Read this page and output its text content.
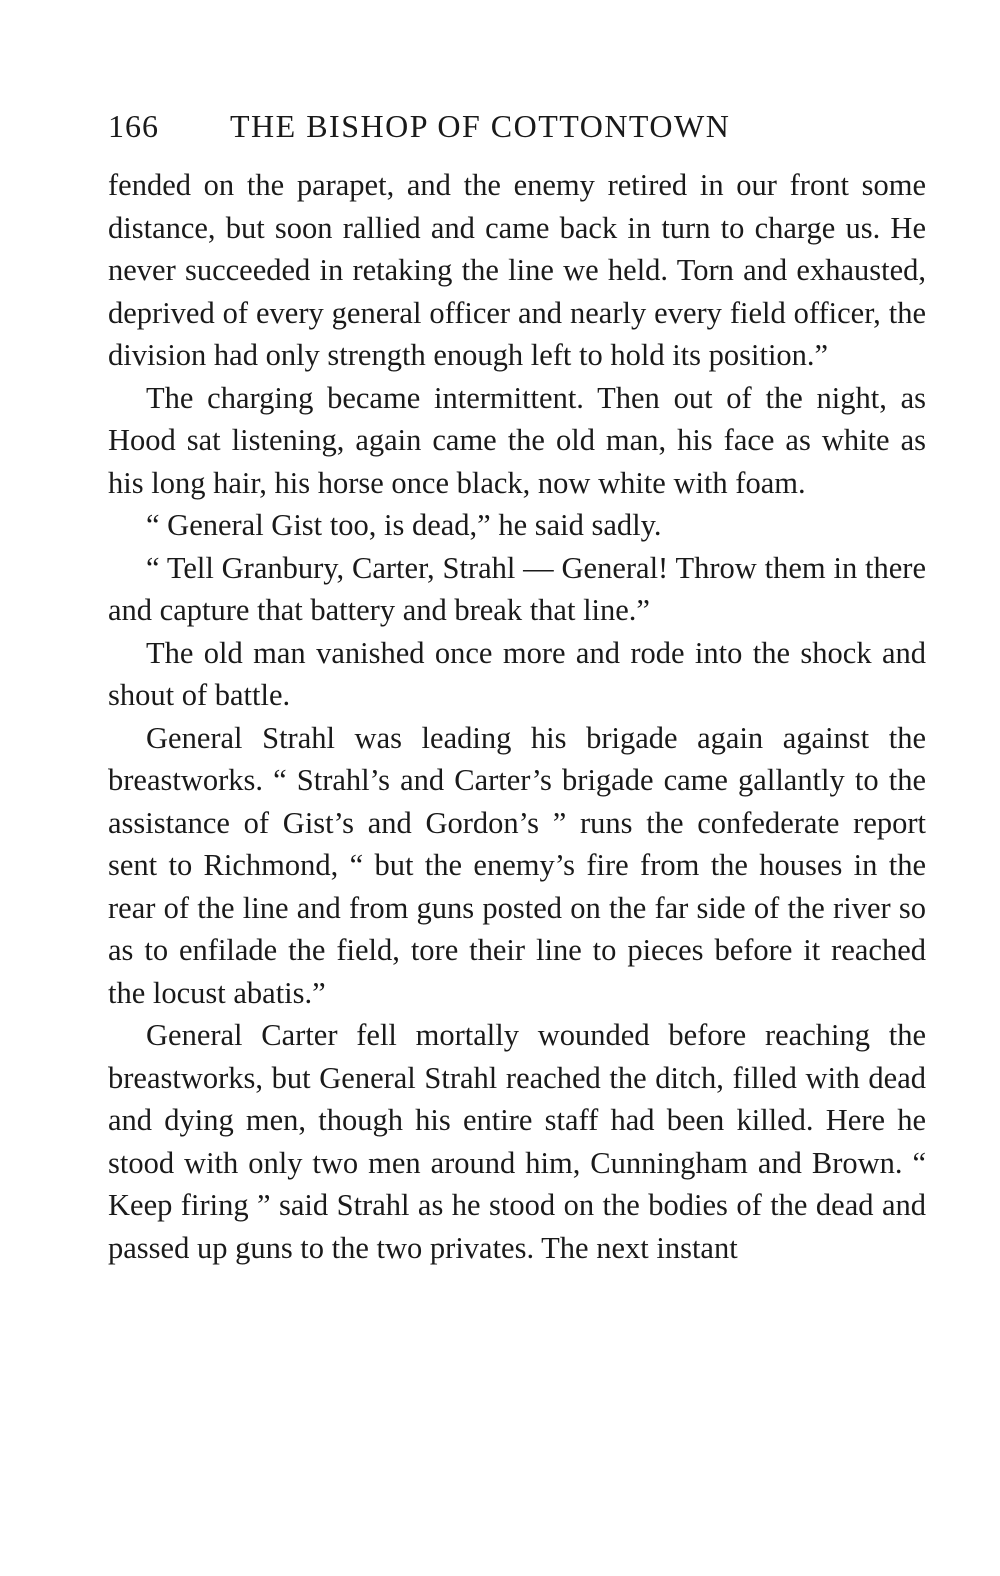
166	THE BISHOP OF COTTONTOWN

fended on the parapet, and the enemy retired in our front some distance, but soon rallied and came back in turn to charge us. He never succeeded in retaking the line we held. Torn and exhausted, deprived of every general officer and nearly every field officer, the division had only strength enough left to hold its position.”

The charging became intermittent. Then out of the night, as Hood sat listening, again came the old man, his face as white as his long hair, his horse once black, now white with foam.

“ General Gist too, is dead,” he said sadly.

“ Tell Granbury, Carter, Strahl — General! Throw them in there and capture that battery and break that line.”

The old man vanished once more and rode into the shock and shout of battle.

General Strahl was leading his brigade again against the breastworks. “ Strahl’s and Carter’s brigade came gallantly to the assistance of Gist’s and Gordon’s ” runs the confederate report sent to Richmond, “ but the enemy’s fire from the houses in the rear of the line and from guns posted on the far side of the river so as to enfilade the field, tore their line to pieces before it reached the locust abatis.”

General Carter fell mortally wounded before reaching the breastworks, but General Strahl reached the ditch, filled with dead and dying men, though his entire staff had been killed. Here he stood with only two men around him, Cunningham and Brown. “ Keep firing ” said Strahl as he stood on the bodies of the dead and passed up guns to the two privates. The next instant
